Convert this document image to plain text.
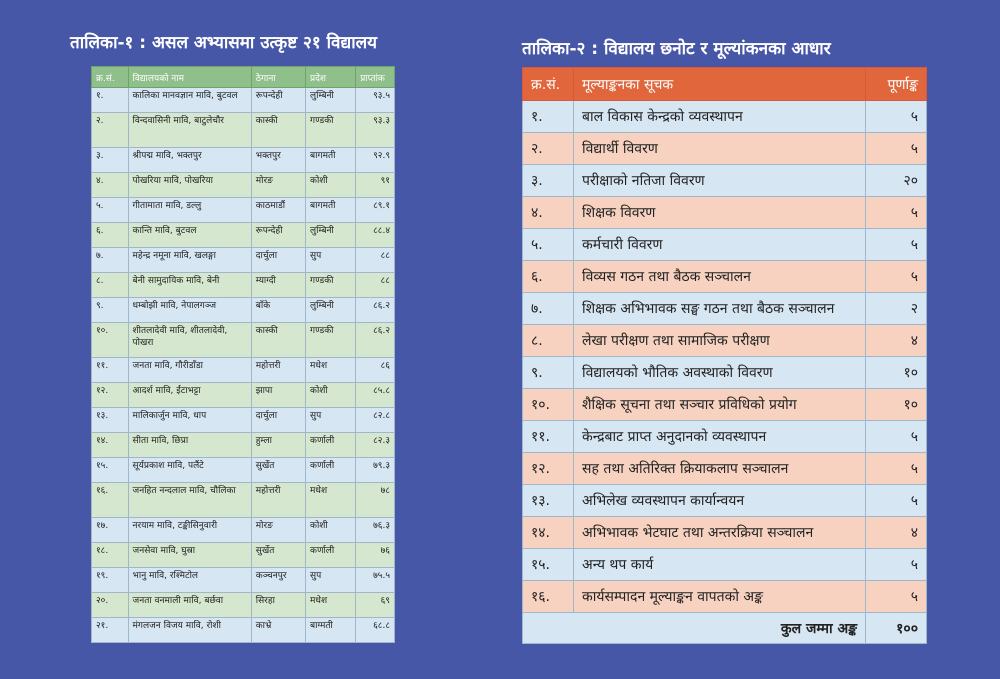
तालिका-१ : असल अभ्यासमा उत्कृष्ट २१ विद्यालय
क्र.सं.	विद्यालयको नाम	ठेगाना	प्रदेश	प्राप्तांक
१.	कालिका मानवज्ञान मावि, बुटवल	रूपन्देही	लुम्बिनी	९३.५
२.	विन्दवासिनी मावि, बाटुलेचौर	कास्की	गण्डकी	९३.३
३.	श्रीपद्म मावि, भक्तपुर	भक्तपुर	बागमती	९२.९
४.	पोखरिया मावि, पोखरिया	मोरङ	कोशी	९१
५.	गीतामाता मावि, डल्लु	काठमाडौं	बागमती	८९.१
६.	कान्ति मावि, बुटवल	रूपन्देही	लुम्बिनी	८८.४
७.	महेन्द्र नमूना मावि, खलङ्गा	दार्चुला	सुप	८८
८.	बेनी सामुदायिक मावि, बेनी	म्याग्दी	गण्डकी	८८
९.	धम्बोझी मावि, नेपालगञ्ज	बाँके	लुम्बिनी	८६.२
१०.	शीतलादेवी मावि, शीतलादेवी, पोखरा	कास्की	गण्डकी	८६.२
११.	जनता मावि, गौरीडाँडा	महोत्तरी	मधेश	८६
१२.	आदर्श मावि, ईंटाभट्टा	झापा	कोशी	८५.८
१३.	मालिकार्जुन मावि, धाप	दार्चुला	सुप	८२.८
१४.	सीता मावि, छिप्रा	हुम्ला	कर्णाली	८२.३
१५.	सूर्यप्रकाश मावि, पलैंटे	सुर्खेत	कर्णाली	७९.३
१६.	जनहित नन्दलाल मावि, चौलिका	महोत्तरी	मधेश	७८
१७.	नरयाम मावि, टङ्कीसिनुवारी	मोरङ	कोशी	७६.३
१८.	जनसेवा मावि, घुस्रा	सुर्खेत	कर्णाली	७६
१९.	भानु मावि, रश्मिटोल	कञ्चनपुर	सुप	७५.५
२०.	जनता वनमाली मावि, बर्छवा	सिरहा	मधेश	६९
२१.	मंगलजन विजय मावि, रोशी	काभ्रे	बाग्मती	६८.८
तालिका-२ : विद्यालय छनोट र मूल्यांकनका आधार
क्र.सं.	मूल्याङ्कनका सूचक	पूर्णाङ्क
१.	बाल विकास केन्द्रको व्यवस्थापन	५
२.	विद्यार्थी विवरण	५
३.	परीक्षाको नतिजा विवरण	२०
४.	शिक्षक विवरण	५
५.	कर्मचारी विवरण	५
६.	विव्यस गठन तथा बैठक सञ्चालन	५
७.	शिक्षक अभिभावक सङ्घ गठन तथा बैठक सञ्चालन	२
८.	लेखा परीक्षण तथा सामाजिक परीक्षण	४
९.	विद्यालयको भौतिक अवस्थाको विवरण	१०
१०.	शैक्षिक सूचना तथा सञ्चार प्रविधिको प्रयोग	१०
११.	केन्द्रबाट प्राप्त अनुदानको व्यवस्थापन	५
१२.	सह तथा अतिरिक्त क्रियाकलाप सञ्चालन	५
१३.	अभिलेख व्यवस्थापन कार्यान्वयन	५
१४.	अभिभावक भेटघाट तथा अन्तरक्रिया सञ्चालन	४
१५.	अन्य थप कार्य	५
१६.	कार्यसम्पादन मूल्याङ्कन वापतको अङ्क	५
कुल जम्मा अङ्क		१००
